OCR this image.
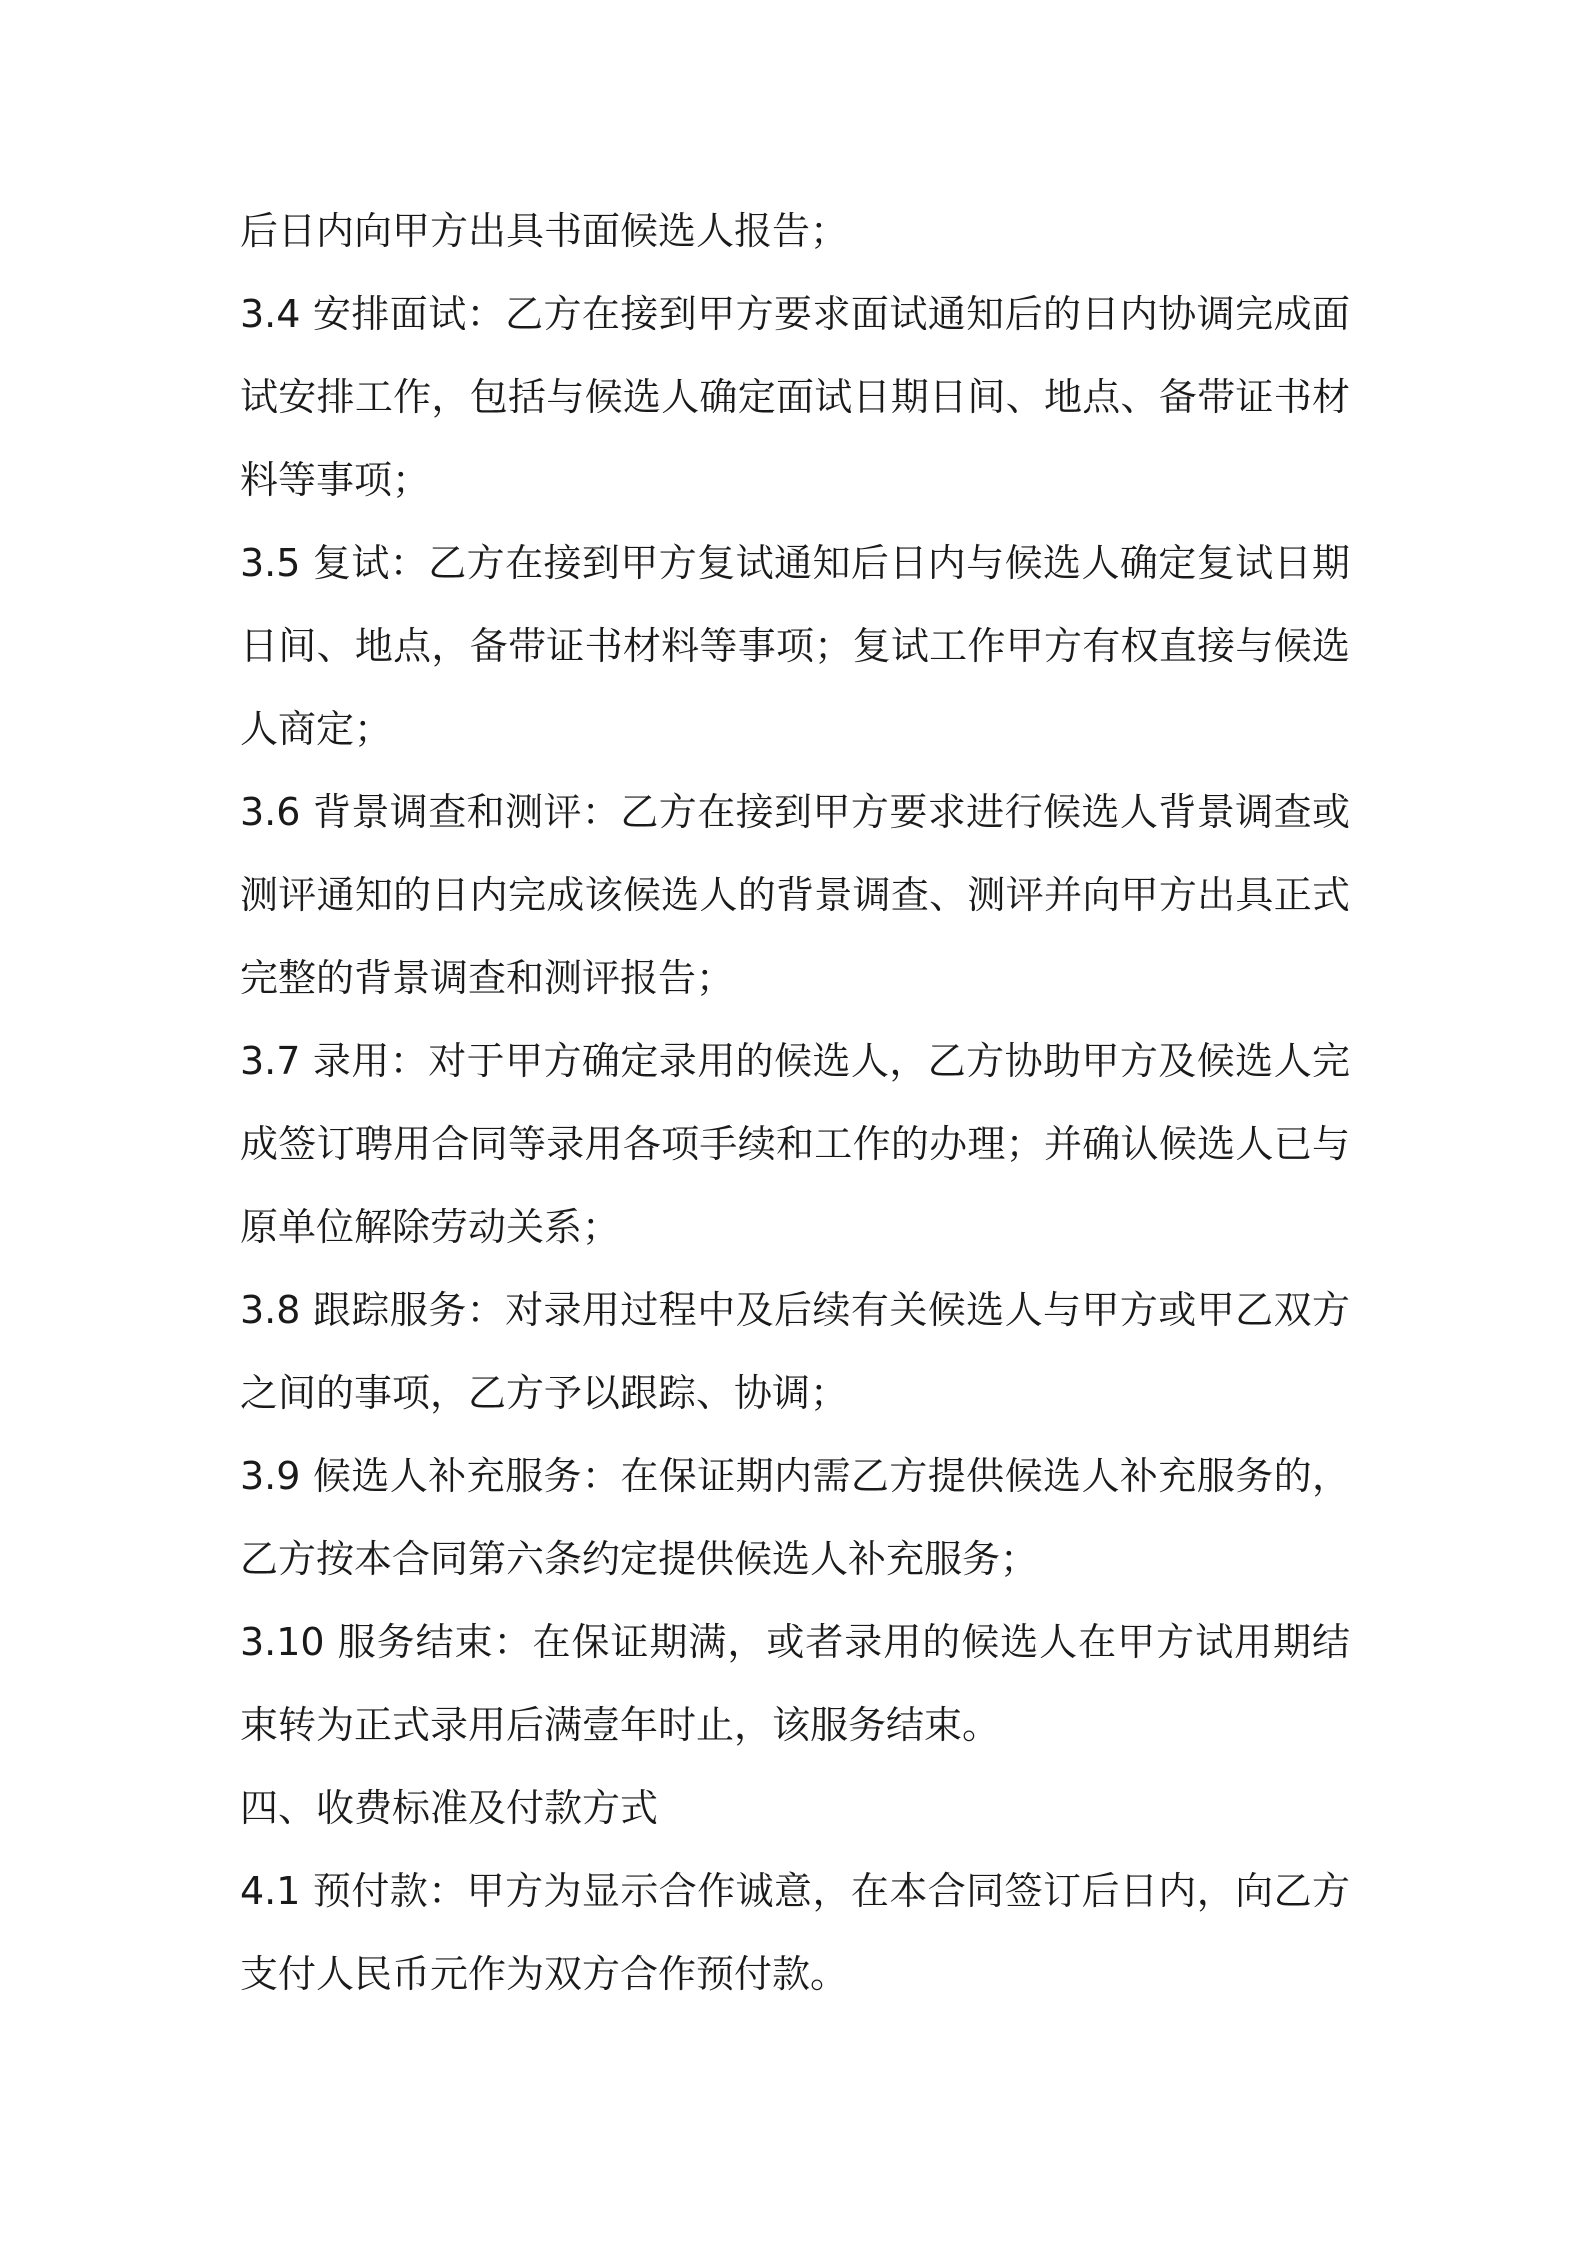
后日内向甲方出具书面候选人报告；

3.4 安排面试：乙方在接到甲方要求面试通知后的日内协调完成面试安排工作，包括与候选人确定面试日期日间、地点、备带证书材料等事项；

3.5 复试：乙方在接到甲方复试通知后日内与候选人确定复试日期日间、地点，备带证书材料等事项；复试工作甲方有权直接与候选人商定；

3.6 背景调查和测评：乙方在接到甲方要求进行候选人背景调查或测评通知的日内完成该候选人的背景调查、测评并向甲方出具正式完整的背景调查和测评报告；

3.7 录用：对于甲方确定录用的候选人，乙方协助甲方及候选人完成签订聘用合同等录用各项手续和工作的办理；并确认候选人已与原单位解除劳动关系；

3.8 跟踪服务：对录用过程中及后续有关候选人与甲方或甲乙双方之间的事项，乙方予以跟踪、协调；

3.9 候选人补充服务：在保证期内需乙方提供候选人补充服务的，乙方按本合同第六条约定提供候选人补充服务；

3.10 服务结束：在保证期满，或者录用的候选人在甲方试用期结束转为正式录用后满壹年时止，该服务结束。

四、收费标准及付款方式

4.1 预付款：甲方为显示合作诚意，在本合同签订后日内，向乙方支付人民币元作为双方合作预付款。
